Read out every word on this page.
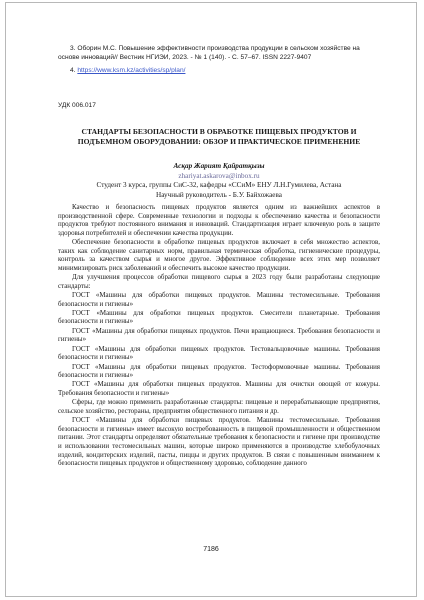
3. Оборин М.С. Повышение эффективности производства продукции в сельском хозяйстве на основе инноваций// Вестник НГИЭИ, 2023. - № 1 (140). - С. 57–67. ISSN 2227-9407

4. https://www.ksm.kz/activities/sp/plan/

УДК 006.017
СТАНДАРТЫ БЕЗОПАСНОСТИ В ОБРАБОТКЕ ПИЩЕВЫХ ПРОДУКТОВ И ПОДЪЕМНОМ ОБОРУДОВАНИИ: ОБЗОР И ПРАКТИЧЕСКОЕ ПРИМЕНЕНИЕ
Асқар Жарият Қайратқызы
zhariyat.askarova@inbox.ru
Студент 3 курса, группы СиС-32, кафедры «ССиМ» ЕНУ Л.Н.Гумилева, Астана
Научный руководитель - Б.У. Байхожаева

Качество и безопасность пищевых продуктов является одним из важнейших аспектов в производственной сфере. Современные технологии и подходы к обеспечению качества и безопасности продуктов требуют постоянного внимания и инноваций. Стандартизация играет ключевую роль в защите здоровья потребителей и обеспечении качества продукции.

Обеспечение безопасности в обработке пищевых продуктов включает в себя множество аспектов, таких как соблюдение санитарных норм, правильная термическая обработка, гигиенические процедуры, контроль за качеством сырья и многое другое. Эффективное соблюдение всех этих мер позволяет минимизировать риск заболеваний и обеспечить высокое качество продукции.

Для улучшения процессов обработки пищевого сырья в 2023 году были разработаны следующие стандарты:

ГОСТ «Машины для обработки пищевых продуктов. Машины тестомесильные. Требования безопасности и гигиены»

ГОСТ «Машины для обработки пищевых продуктов. Смесители планетарные. Требования безопасности и гигиены»

ГОСТ «Машины для обработки пищевых продуктов. Печи вращающиеся. Требования безопасности и гигиены»

ГОСТ «Машины для обработки пищевых продуктов. Тестовальцовочные машины. Требования безопасности и гигиены»

ГОСТ «Машины для обработки пищевых продуктов. Тестоформовочные машины. Требования безопасности и гигиены»

ГОСТ «Машины для обработки пищевых продуктов. Машины для очистки овощей от кожуры. Требования безопасности и гигиены»

Сферы, где можно применить разработанные стандарты: пищевые и перерабатывающие предприятия, сельское хозяйство, рестораны, предприятия общественного питания и др.

ГОСТ «Машины для обработки пищевых продуктов. Машины тестомесильные. Требования безопасности и гигиены» имеет высокую востребованность в пищевой промышленности и общественном питании. Этот стандарты определяют обязательные требования к безопасности и гигиене при производстве и использовании тестомесильных машин, которые широко применяются в производстве хлебобулочных изделий, кондитерских изделий, пасты, пиццы и других продуктов. В связи с повышенным вниманием к безопасности пищевых продуктов и общественному здоровью, соблюдение данного

7186
